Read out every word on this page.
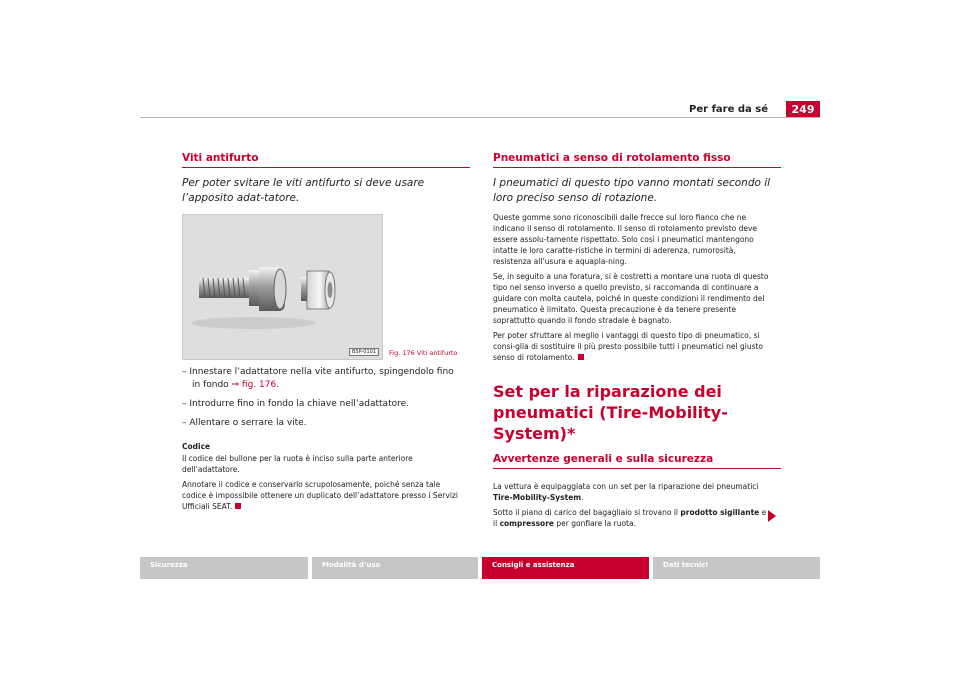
Per fare da sé	249
Viti antifurto
Per poter svitare le viti antifurto si deve usare l’apposito adat-tatore.
B5P-0101
– Innestare l’adattatore nella vite antifurto, spingendolo fino in fondo ⇒ fig. 176.
– Introdurre fino in fondo la chiave nell’adattatore.
– Allentare o serrare la vite.
Codice
Il codice del bullone per la ruota è inciso sulla parte anteriore dell’adattatore.
Annotare il codice e conservarlo scrupolosamente, poiché senza tale codice è impossibile ottenere un duplicato dell’adattatore presso i Servizi Ufficiali SEAT.
Fig. 176 Viti antifurto
Pneumatici a senso di rotolamento fisso
I pneumatici di questo tipo vanno montati secondo il loro preciso senso di rotazione.
Queste gomme sono riconoscibili dalle frecce sul loro fianco che ne indicano il senso di rotolamento. Il senso di rotolamento previsto deve essere assolu-tamente rispettato. Solo così i pneumatici mantengono intatte le loro caratte-ristiche in termini di aderenza, rumorosità, resistenza all’usura e aquapla-ning.
Se, in seguito a una foratura, si è costretti a montare una ruota di questo tipo nel senso inverso a quello previsto, si raccomanda di continuare a guidare con molta cautela, poiché in queste condizioni il rendimento del pneumatico è limitato. Questa precauzione è da tenere presente soprattutto quando il fondo stradale è bagnato.
Per poter sfruttare al meglio i vantaggi di questo tipo di pneumatico, si consi-glia di sostituire il più presto possibile tutti i pneumatici nel giusto senso di rotolamento.
Set per la riparazione dei pneumatici (Tire-Mobility-System)*
Avvertenze generali e sulla sicurezza
La vettura è equipaggiata con un set per la riparazione dei pneumatici Tire-Mobility-System.
Sotto il piano di carico del bagagliaio si trovano il prodotto sigillante e il compressore per gonfiare la ruota.
Sicurezza	Modalità d’uso	Consigli e assistenza	Dati tecnici
